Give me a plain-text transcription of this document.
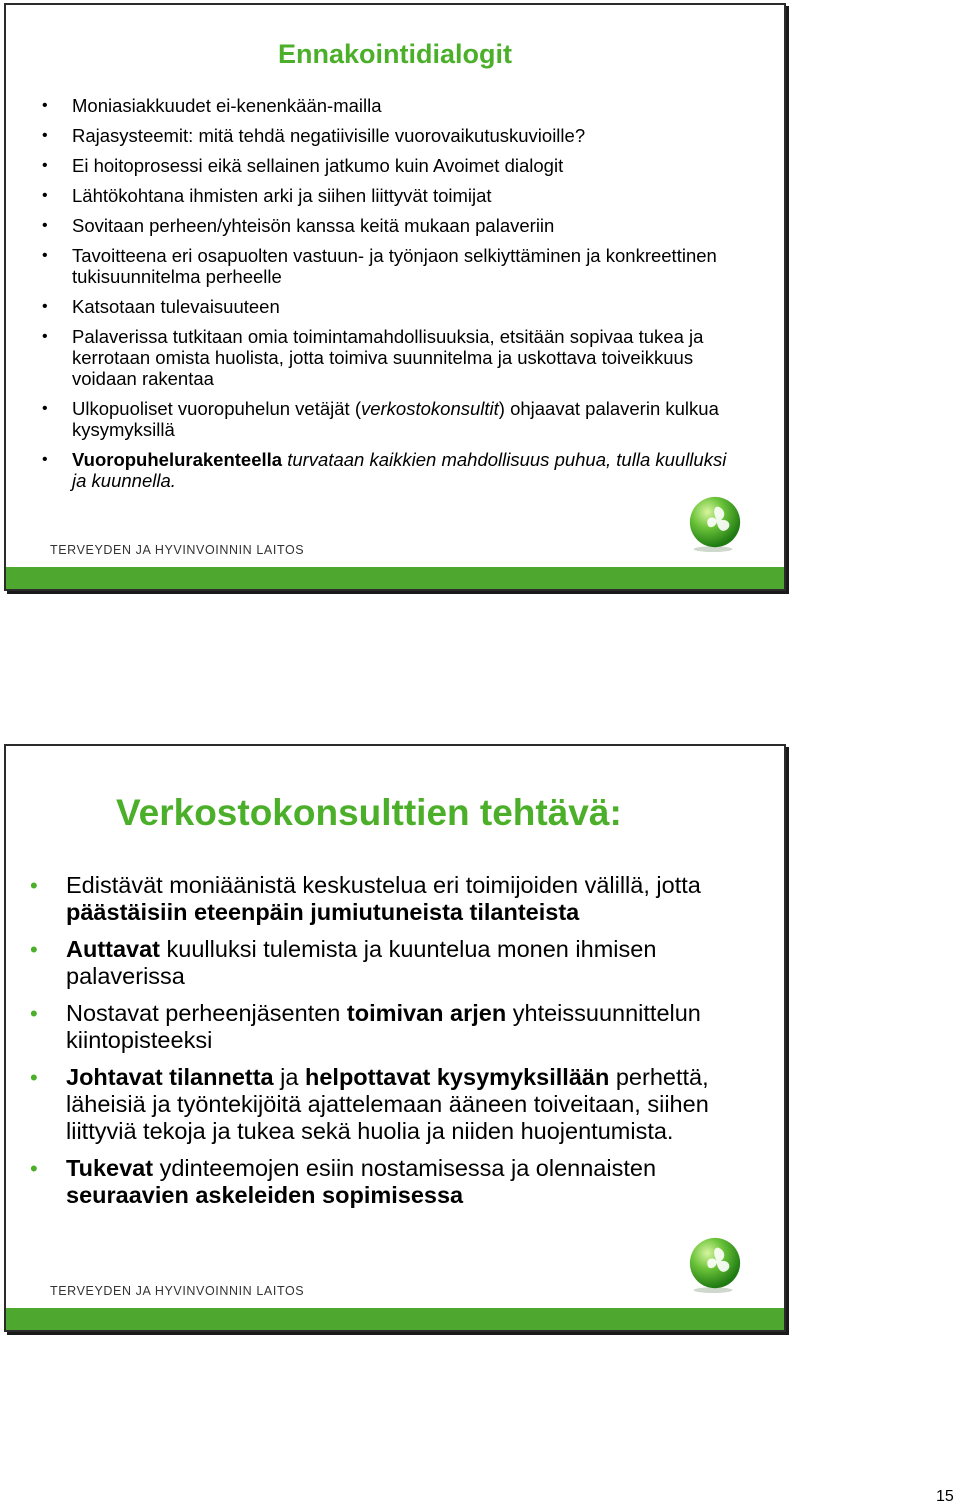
Ennakointidialogit
• Moniasiakkuudet ei-kenenkään-mailla
• Rajasysteemit: mitä tehdä negatiivisille vuorovaikutuskuvioille?
• Ei hoitoprosessi eikä sellainen jatkumo kuin Avoimet dialogit
• Lähtökohtana ihmisten arki ja siihen liittyvät toimijat
• Sovitaan perheen/yhteisön kanssa keitä mukaan palaveriin
• Tavoitteena eri osapuolten vastuun- ja työnjaon selkiyttäminen ja konkreettinen tukisuunnitelma perheelle
• Katsotaan tulevaisuuteen
• Palaverissa tutkitaan omia toimintamahdollisuuksia, etsitään sopivaa tukea ja kerrotaan omista huolista, jotta toimiva suunnitelma ja uskottava toiveikkuus voidaan rakentaa
• Ulkopuoliset vuoropuhelun vetäjät (verkostokonsultit) ohjaavat palaverin kulkua kysymyksillä
• Vuoropuhelurakenteella turvataan kaikkien mahdollisuus puhua, tulla kuulluksi ja kuunnella.
TERVEYDEN JA HYVINVOINNIN LAITOS
Verkostokonsulttien tehtävä:
• Edistävät moniäänistä keskustelua eri toimijoiden välillä, jotta päästäisiin eteenpäin jumiutuneista tilanteista
• Auttavat kuulluksi tulemista ja kuuntelua monen ihmisen palaverissa
• Nostavat perheenjäsenten toimivan arjen yhteissuunnittelun kiintopisteeksi
• Johtavat tilannetta ja helpottavat kysymyksillään perhettä, läheisiä ja työntekijöitä ajattelemaan ääneen toiveitaan, siihen liittyviä tekoja ja tukea sekä huolia ja niiden huojentumista.
• Tukevat ydinteemojen esiin nostamisessa ja olennaisten seuraavien askeleiden sopimisessa
TERVEYDEN JA HYVINVOINNIN LAITOS
15
